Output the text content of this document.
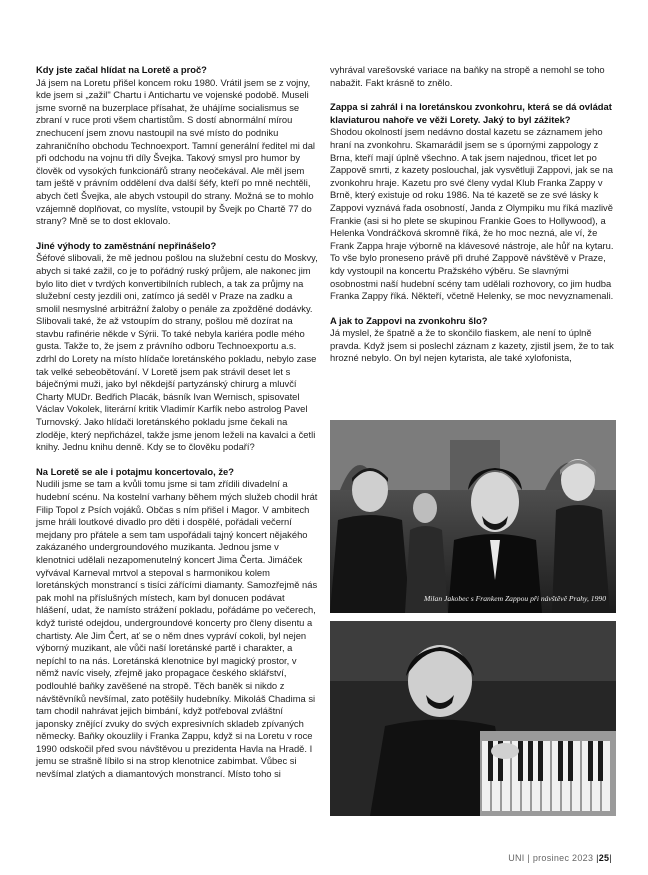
Kdy jste začal hlídat na Loretě a proč?

Já jsem na Loretu přišel koncem roku 1980. Vrátil jsem se z vojny, kde jsem si „zažil" Chartu i Antichartu ve vojenské podobě. Museli jsme svorně na buzerplace přísahat, že uhájíme socialismus se zbraní v ruce proti všem chartistům. S dostí abnormální mírou znechucení jsem znovu nastoupil na své místo do podniku zahraničního obchodu Technoexport. Tamní generální ředitel mi dal při odchodu na vojnu tři díly Švejka. Takový smysl pro humor by člověk od vysokých funkcionářů strany neočekával. Ale měl jsem tam ještě v právním oddělení dva další šéfy, kteří po mně nechtěli, abych četl Švejka, ale abych vstoupil do strany. Možná se to mohlo vzájemně doplňovat, co myslíte, vstoupil by Švejk po Chartě 77 do strany? Mně se to dost eklovalo.

Jiné výhody to zaměstnání nepřinášelo?

Šéfové slibovali, že mě jednou pošlou na služební cestu do Moskvy, abych si také zažil, co je to pořádný ruský průjem, ale nakonec jim bylo lito diet v tvrdých konvertibilních rublech, a tak za průjmy na služební cesty jezdili oni, zatímco já seděl v Praze na zadku a smolil nesmyslné arbitrážní žaloby o penále za zpožděné dodávky. Slibovali také, že až vstoupím do strany, pošlou mě dozírat na stavbu rafinérie někde v Sýrii. To také nebyla kariéra podle mého gusta. Takže to, že jsem z právního odboru Technoexportu a.s. zdrhl do Lorety na místo hlídače loretánského pokladu, nebylo zase tak velké sebeobětování. V Loretě jsem pak strávil deset let s báječnými muži, jako byl někdejší partyzánský chirurg a mluvčí Charty MUDr. Bedřich Placák, básník Ivan Wernisch, spisovatel Václav Vokolek, literární kritik Vladimír Karfík nebo astrolog Pavel Turnovský. Jako hlídači loretánského pokladu jsme čekali na zloděje, který nepřicházel, takže jsme jenom leželi na kavalci a četli knihy. Jednu knihu denně. Kdy se to člověku podaří?

Na Loretě se ale i potajmu koncertovalo, že?

Nudili jsme se tam a kvůli tomu jsme si tam zřídili divadelní a hudební scénu. Na kostelní varhany během mých služeb chodil hrát Filip Topol z Psích vojáků. Občas s ním přišel i Magor. V ambitech jsme hráli loutkové divadlo pro děti i dospělé, pořádali večerní mejdany pro přátele a sem tam uspořádali tajný koncert nějakého zakázaného undergroundového muzikanta. Jednou jsme v klenotnici udělali nezapomenutelný koncert Jima Čerta. Jimáček vyřvával Karneval mrtvol a stepoval s harmonikou kolem loretánských monstrancí s tisíci zářícími diamanty. Samozřejmě nás pak mohl na příslušných místech, kam byl donucen podávat hlášení, udat, že namísto strážení pokladu, pořádáme po večerech, když turisté odejdou, undergroundové koncerty pro členy disentu a chartisty. Ale Jim Čert, ať se o něm dnes vypráví cokoli, byl nejen výborný muzikant, ale vůči naší loretánské partě i charakter, a nepíchl to na nás. Loretánská klenotnice byl magický prostor, v němž navíc visely, zřejmě jako propagace českého sklářství, podlouhlé baňky zavěšené na stropě. Těch baněk si nikdo z návštěvníků nevšímal, zato potěšily hudebníky. Mikoláš Chadima si tam chodil nahrávat jejich bimbání, když potřeboval zvláštní japonsky znějící zvuky do svých expresivních skladeb zpívaných německy. Baňky okouzlily i Franka Zappu, když si na Loretu v roce 1990 odskočil před svou návštěvou u prezidenta Havla na Hradě. I jemu se strašně líbilo si na strop klenotnice zabimbat. Vůbec si nevšímal zlatých a diamantových monstrancí. Místo toho si

vyhrával varešovské variace na baňky na stropě a nemohl se toho nabažit. Fakt krásně to znělo.

Zappa si zahrál i na loretánskou zvonkohru, která se dá ovládat klaviaturou nahoře ve věži Lorety. Jaký to byl zážitek?

Shodou okolností jsem nedávno dostal kazetu se záznamem jeho hraní na zvonkohru. Skamarádil jsem se s úpornými zappology z Brna, kteří mají úplně všechno. A tak jsem najednou, třicet let po Zappově smrti, z kazety poslouchal, jak vysvětluji Zappovi, jak se na zvonkohru hraje. Kazetu pro své členy vydal Klub Franka Zappy v Brně, který existuje od roku 1986. Na té kazetě se ze své lásky k Zappovi vyznává řada osobností, Janda z Olympiku mu říká mazlivě Frankie (asi si ho plete se skupinou Frankie Goes to Hollywood), a Helenka Vondráčková skromně říká, že ho moc nezná, ale ví, že Frank Zappa hraje výborně na klávesové nástroje, ale hůř na kytaru. To vše bylo proneseno právě při druhé Zappově návštěvě v Praze, kdy vystoupil na koncertu Pražského výběru. Se slavnými osobnostmi naší hudební scény tam udělali rozhovory, co jim hudba Franka Zappy říká. Někteří, včetně Helenky, se moc nevyznamenali.

A jak to Zappovi na zvonkohru šlo?

Já myslel, že špatně a že to skončilo fiaskem, ale není to úplně pravda. Když jsem si poslechl záznam z kazety, zjistil jsem, že to tak hrozné nebylo. On byl nejen kytarista, ale také xylofonista,

Milan Jakobec s Frankem Zappou při návštěvě Prahy, 1990
UNI | prosinec 2023 |25|
